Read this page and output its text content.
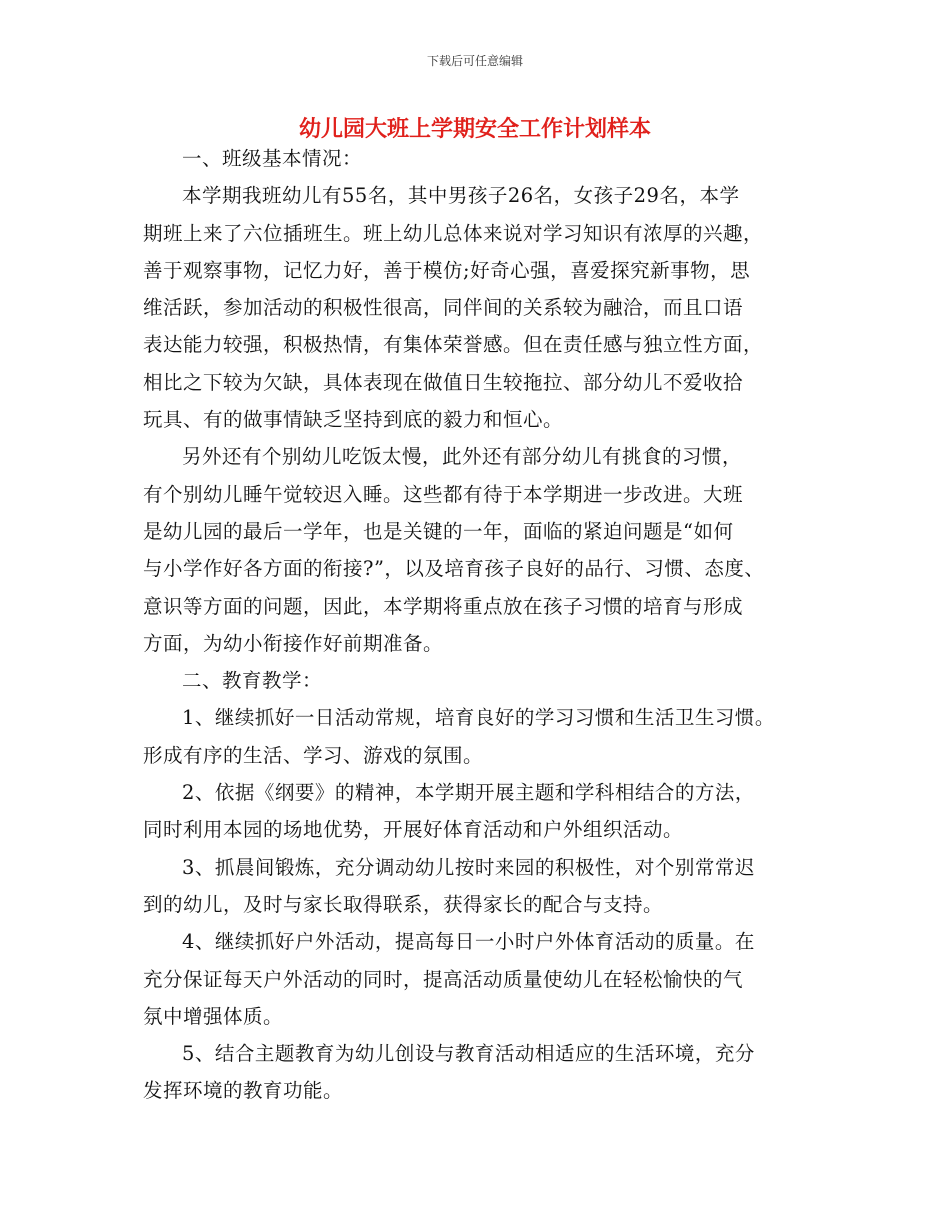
下载后可任意编辑
幼儿园大班上学期安全工作计划样本

一、班级基本情况：

本学期我班幼儿有55名，其中男孩子26名，女孩子29名，本学

期班上来了六位插班生。班上幼儿总体来说对学习知识有浓厚的兴趣，

善于观察事物，记忆力好，善于模仿;好奇心强，喜爱探究新事物，思

维活跃，参加活动的积极性很高，同伴间的关系较为融洽，而且口语

表达能力较强，积极热情，有集体荣誉感。但在责任感与独立性方面，

相比之下较为欠缺，具体表现在做值日生较拖拉、部分幼儿不爱收拾

玩具、有的做事情缺乏坚持到底的毅力和恒心。

另外还有个别幼儿吃饭太慢，此外还有部分幼儿有挑食的习惯，

有个别幼儿睡午觉较迟入睡。这些都有待于本学期进一步改进。大班

是幼儿园的最后一学年，也是关键的一年，面临的紧迫问题是“如何

与小学作好各方面的衔接?”，以及培育孩子良好的品行、习惯、态度、

意识等方面的问题，因此，本学期将重点放在孩子习惯的培育与形成

方面，为幼小衔接作好前期准备。

二、教育教学：

1、继续抓好一日活动常规，培育良好的学习习惯和生活卫生习惯。

形成有序的生活、学习、游戏的氛围。

2、依据《纲要》的精神，本学期开展主题和学科相结合的方法，

同时利用本园的场地优势，开展好体育活动和户外组织活动。

3、抓晨间锻炼，充分调动幼儿按时来园的积极性，对个别常常迟

到的幼儿，及时与家长取得联系，获得家长的配合与支持。

4、继续抓好户外活动，提高每日一小时户外体育活动的质量。在

充分保证每天户外活动的同时，提高活动质量使幼儿在轻松愉快的气

氛中增强体质。

5、结合主题教育为幼儿创设与教育活动相适应的生活环境，充分

发挥环境的教育功能。
